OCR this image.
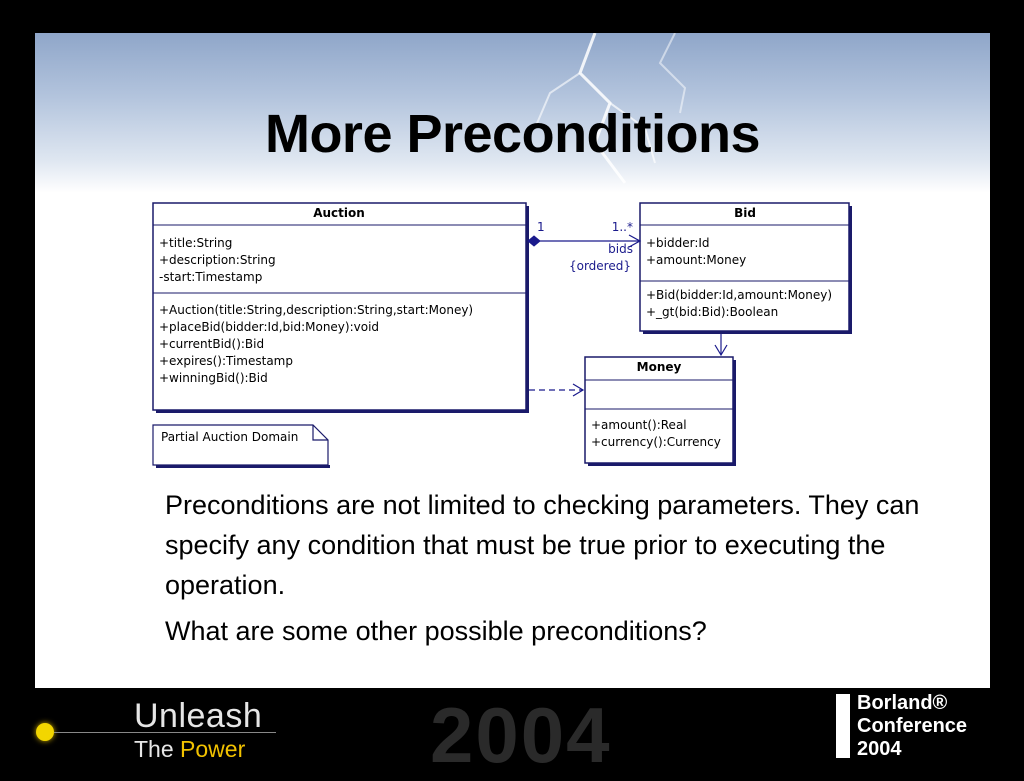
More Preconditions
Auction
+title:String
+description:String
-start:Timestamp
+Auction(title:String,description:String,start:Money)
+placeBid(bidder:Id,bid:Money):void
+currentBid():Bid
+expires():Timestamp
+winningBid():Bid
Bid
+bidder:Id
+amount:Money
+Bid(bidder:Id,amount:Money)
+_gt(bid:Bid):Boolean
Money
+amount():Real
+currency():Currency
Partial Auction Domain
1	1..*
bids
{ordered}

Preconditions are not limited to checking parameters. They can specify any condition that must be true prior to executing the operation.

What are some other possible preconditions?

Unleash
The Power 2004	Borland®
Conference
2004
